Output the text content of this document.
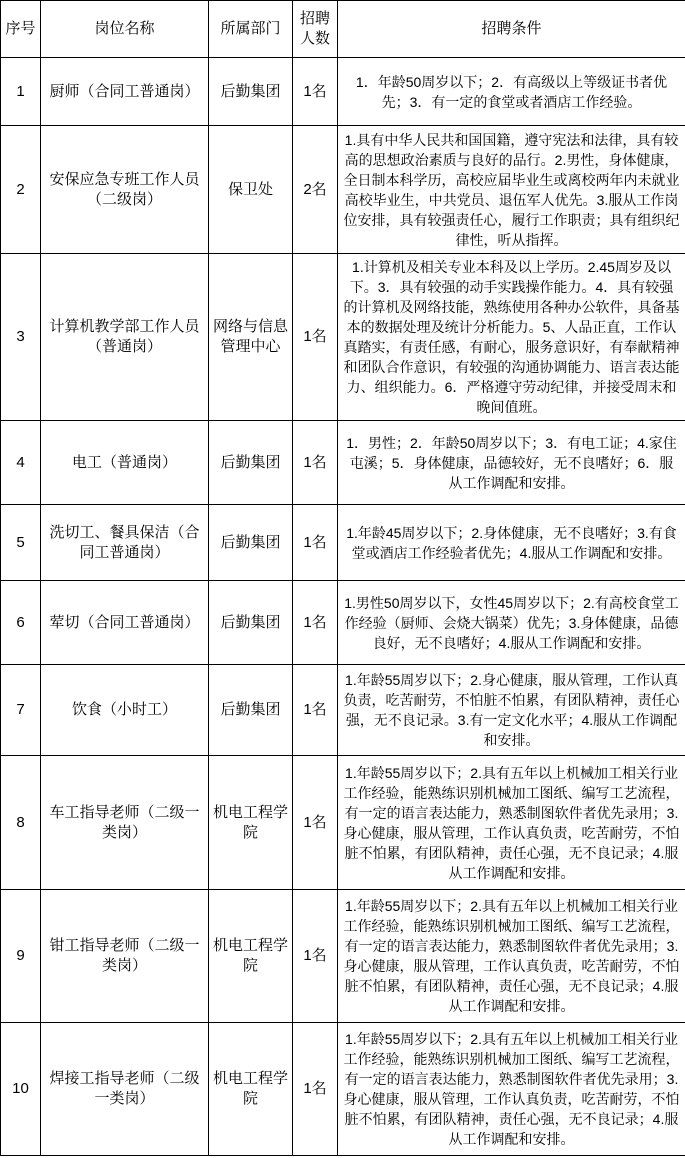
序号	岗位名称	所属部门	招聘人数	招聘条件
1	厨师（合同工普通岗）	后勤集团	1名	1．年龄50周岁以下；2．有高级以上等级证书者优先；3．有一定的食堂或者酒店工作经验。
2	安保应急专班工作人员（二级岗）	保卫处	2名	1.具有中华人民共和国国籍，遵守宪法和法律，具有较高的思想政治素质与良好的品行。2.男性，身体健康，全日制本科学历，高校应届毕业生或离校两年内未就业高校毕业生，中共党员、退伍军人优先。3.服从工作岗位安排，具有较强责任心，履行工作职责；具有组织纪律性，听从指挥。
3	计算机教学部工作人员（普通岗）	网络与信息管理中心	1名	1.计算机及相关专业本科及以上学历。2.45周岁及以下。3．具有较强的动手实践操作能力。4．具有较强的计算机及网络技能，熟练使用各种办公软件，具备基本的数据处理及统计分析能力。5、人品正直，工作认真踏实，有责任感，有耐心，服务意识好，有奉献精神和团队合作意识，有较强的沟通协调能力、语言表达能力、组织能力。6．严格遵守劳动纪律，并接受周末和晚间值班。
4	电工（普通岗）	后勤集团	1名	1．男性；2．年龄50周岁以下；3．有电工证；4.家住屯溪；5．身体健康，品德较好，无不良嗜好；6．服从工作调配和安排。
5	洗切工、餐具保洁（合同工普通岗）	后勤集团	1名	1.年龄45周岁以下；2.身体健康，无不良嗜好；3.有食堂或酒店工作经验者优先；4.服从工作调配和安排。
6	荤切（合同工普通岗）	后勤集团	1名	1.男性50周岁以下，女性45周岁以下；2.有高校食堂工作经验（厨师、会烧大锅菜）优先；3.身体健康，品德良好，无不良嗜好；4.服从工作调配和安排。
7	饮食（小时工）	后勤集团	1名	1.年龄55周岁以下；2.身心健康，服从管理，工作认真负责，吃苦耐劳，不怕脏不怕累，有团队精神，责任心强，无不良记录。3.有一定文化水平；4.服从工作调配和安排。
8	车工指导老师（二级一类岗）	机电工程学院	1名	1.年龄55周岁以下；2.具有五年以上机械加工相关行业工作经验，能熟练识别机械加工图纸、编写工艺流程，有一定的语言表达能力，熟悉制图软件者优先录用；3.身心健康，服从管理，工作认真负责，吃苦耐劳，不怕脏不怕累，有团队精神，责任心强，无不良记录；4.服从工作调配和安排。
9	钳工指导老师（二级一类岗）	机电工程学院	1名	1.年龄55周岁以下；2.具有五年以上机械加工相关行业工作经验，能熟练识别机械加工图纸、编写工艺流程，有一定的语言表达能力，熟悉制图软件者优先录用；3.身心健康，服从管理，工作认真负责，吃苦耐劳，不怕脏不怕累，有团队精神，责任心强，无不良记录；4.服从工作调配和安排。
10	焊接工指导老师（二级一类岗）	机电工程学院	1名	1.年龄55周岁以下；2.具有五年以上机械加工相关行业工作经验，能熟练识别机械加工图纸、编写工艺流程，有一定的语言表达能力，熟悉制图软件者优先录用；3.身心健康，服从管理，工作认真负责，吃苦耐劳，不怕脏不怕累，有团队精神，责任心强，无不良记录；4.服从工作调配和安排。
